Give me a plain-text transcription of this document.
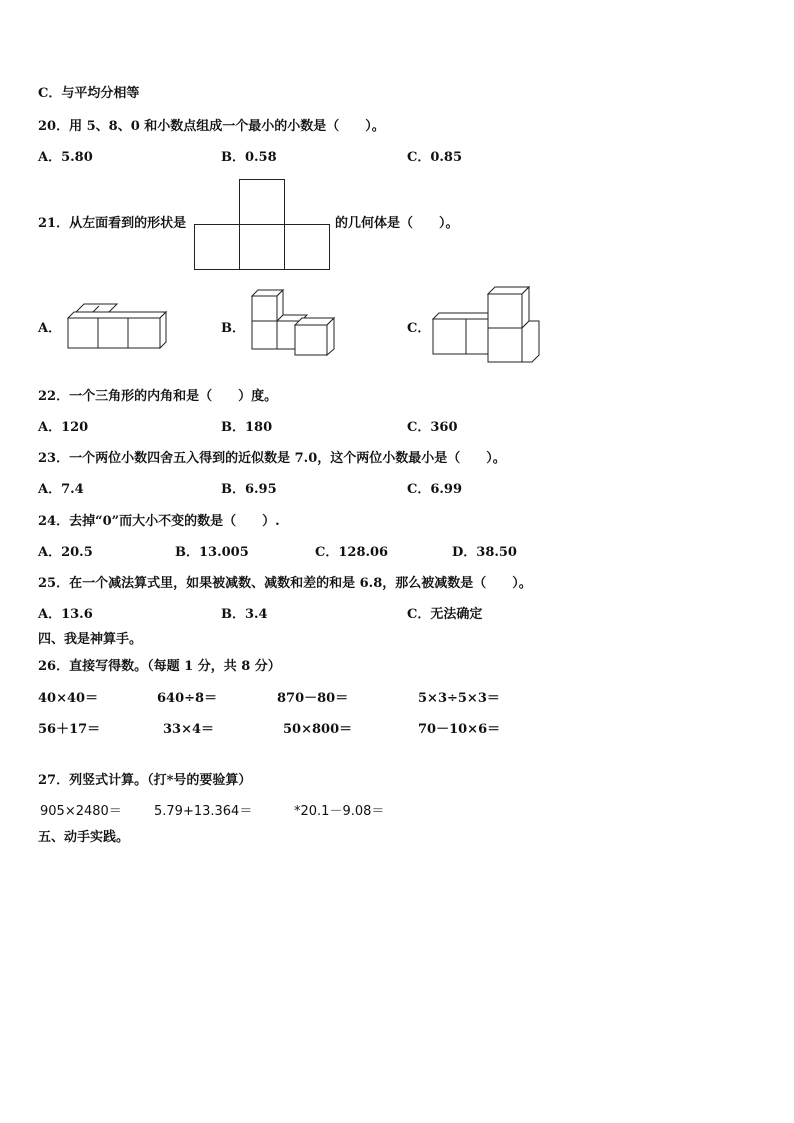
C．与平均分相等
20．用 5、8、0 和小数点组成一个最小的小数是（　　）。
A．5.80	B．0.58	C．0.85
21．从左面看到的形状是	的几何体是（　　）。
A．	B．	C．
22．一个三角形的内角和是（　　）度。
A．120	B．180	C．360
23．一个两位小数四舍五入得到的近似数是 7.0，这个两位小数最小是（　　）。
A．7.4	B．6.95	C．6.99
24．去掉“0”而大小不变的数是（　　）.
A．20.5	B．13.005	C．128.06	D．38.50
25．在一个减法算式里，如果被减数、减数和差的和是 6.8，那么被减数是（　　）。
A．13.6	B．3.4	C．无法确定
四、我是神算手。
26．直接写得数。（每题 1 分，共 8 分）
40×40＝	640÷8＝	870－80＝	5×3÷5×3＝
56＋17＝	33×4＝	50×800＝	70－10×6＝
27．列竖式计算。（打*号的要验算）
905×2480＝ 5.79+13.364＝	*20.1－9.08＝
五、动手实践。
